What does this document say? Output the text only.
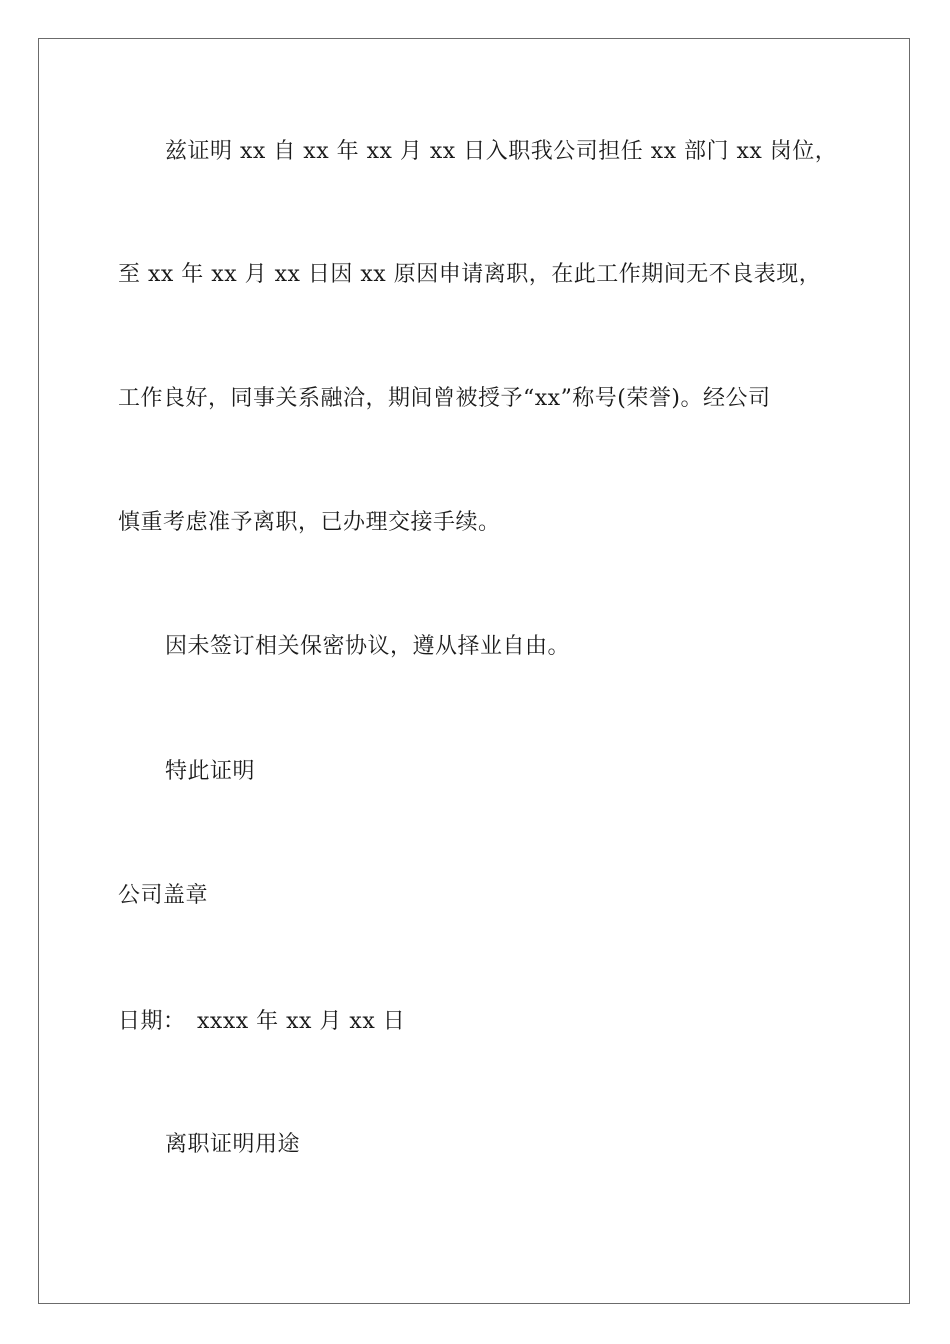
兹证明 xx 自 xx 年 xx 月 xx 日入职我公司担任 xx 部门 xx 岗位，
至 xx 年 xx 月 xx 日因 xx 原因申请离职，在此工作期间无不良表现，
工作良好，同事关系融洽，期间曾被授予“xx”称号(荣誉)。经公司
慎重考虑准予离职，已办理交接手续。
因未签订相关保密协议，遵从择业自由。
特此证明
公司盖章
日期：　xxxx 年 xx 月 xx 日
离职证明用途
